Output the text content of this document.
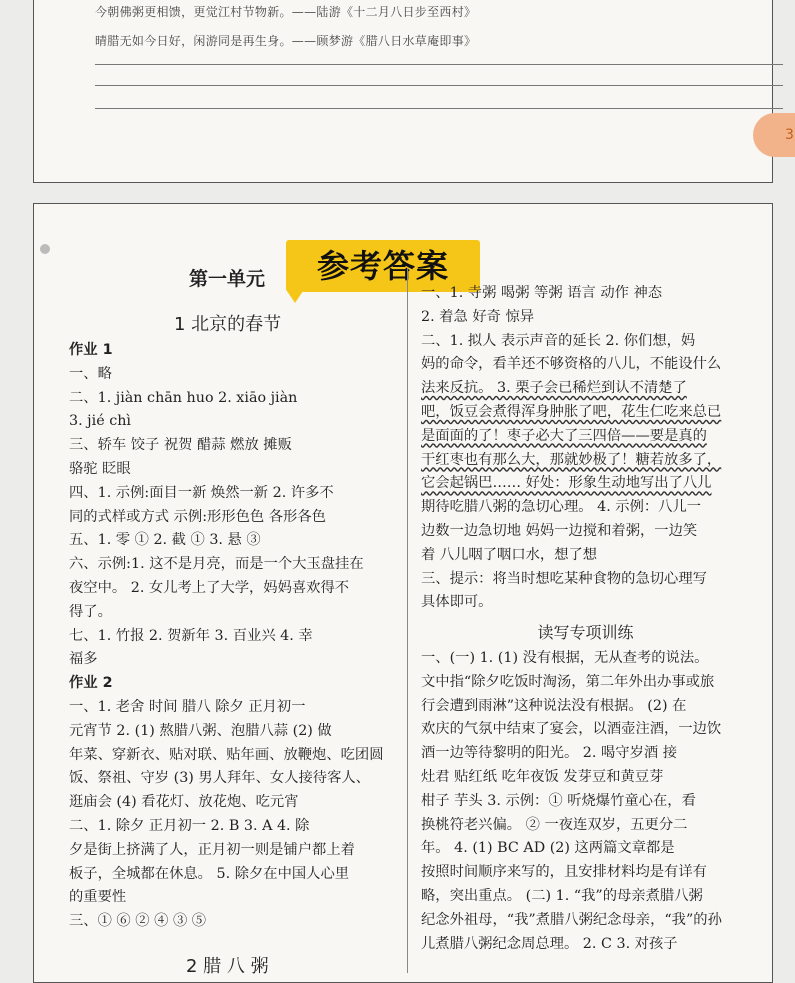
今朝佛粥更相馈，更觉江村节物新。——陆游《十二月八日步至西村》
晴腊无如今日好，闲游同是再生身。——顾梦游《腊八日水草庵即事》
3
第一单元	参考答案
1 北京的春节
作业 1
一、略
二、1. jiàn chān huo 2. xiāo jiàn
3. jié chì
三、轿车 饺子 祝贺 醋蒜 燃放 摊贩
骆驼 眨眼
四、1. 示例:面目一新 焕然一新 2. 许多不
同的式样或方式 示例:形形色色 各形各色
五、1. 零 ① 2. 截 ① 3. 悬 ③
六、示例:1. 这不是月亮，而是一个大玉盘挂在
夜空中。 2. 女儿考上了大学，妈妈喜欢得不
得了。
七、1. 竹报 2. 贺新年 3. 百业兴 4. 幸
福多
作业 2
一、1. 老舍 时间 腊八 除夕 正月初一
元宵节 2. (1) 熬腊八粥、泡腊八蒜 (2) 做
年菜、穿新衣、贴对联、贴年画、放鞭炮、吃团圆
饭、祭祖、守岁 (3) 男人拜年、女人接待客人、
逛庙会 (4) 看花灯、放花炮、吃元宵
二、1. 除夕 正月初一 2. B 3. A 4. 除
夕是街上挤满了人，正月初一则是铺户都上着
板子，全城都在休息。 5. 除夕在中国人心里
的重要性
三、① ⑥ ② ④ ③ ⑤
一、1. 寺粥 喝粥 等粥 语言 动作 神态
2. 着急 好奇 惊异
二、1. 拟人 表示声音的延长 2. 你们想，妈
妈的命令，看羊还不够资格的八儿，不能设什么
法来反抗。 3. 栗子会已稀烂到认不清楚了
吧，饭豆会煮得浑身肿胀了吧，花生仁吃来总已
是面面的了！枣子必大了三四倍——要是真的
干红枣也有那么大，那就妙极了！糖若放多了，
它会起锅巴…… 好处：形象生动地写出了八儿
期待吃腊八粥的急切心理。 4. 示例：八儿一
边数一边急切地 妈妈一边搅和着粥，一边笑
着 八儿咽了咽口水，想了想
三、提示：将当时想吃某种食物的急切心理写
具体即可。
读写专项训练
一、(一) 1. (1) 没有根据，无从查考的说法。
文中指“除夕吃饭时淘汤，第二年外出办事或旅
行会遭到雨淋”这种说法没有根据。 (2) 在
欢庆的气氛中结束了宴会，以酒壶注酒，一边饮
酒一边等待黎明的阳光。 2. 喝守岁酒 接
灶君 贴红纸 吃年夜饭 发芽豆和黄豆芽
柑子 芋头 3. 示例：① 听烧爆竹童心在，看
换桃符老兴偏。 ② 一夜连双岁，五更分二
年。 4. (1) BC AD (2) 这两篇文章都是
按照时间顺序来写的，且安排材料均是有详有
略，突出重点。 (二) 1. “我”的母亲煮腊八粥
纪念外祖母，“我”煮腊八粥纪念母亲，“我”的孙
儿煮腊八粥纪念周总理。 2. C 3. 对孩子
2 腊 八 粥
